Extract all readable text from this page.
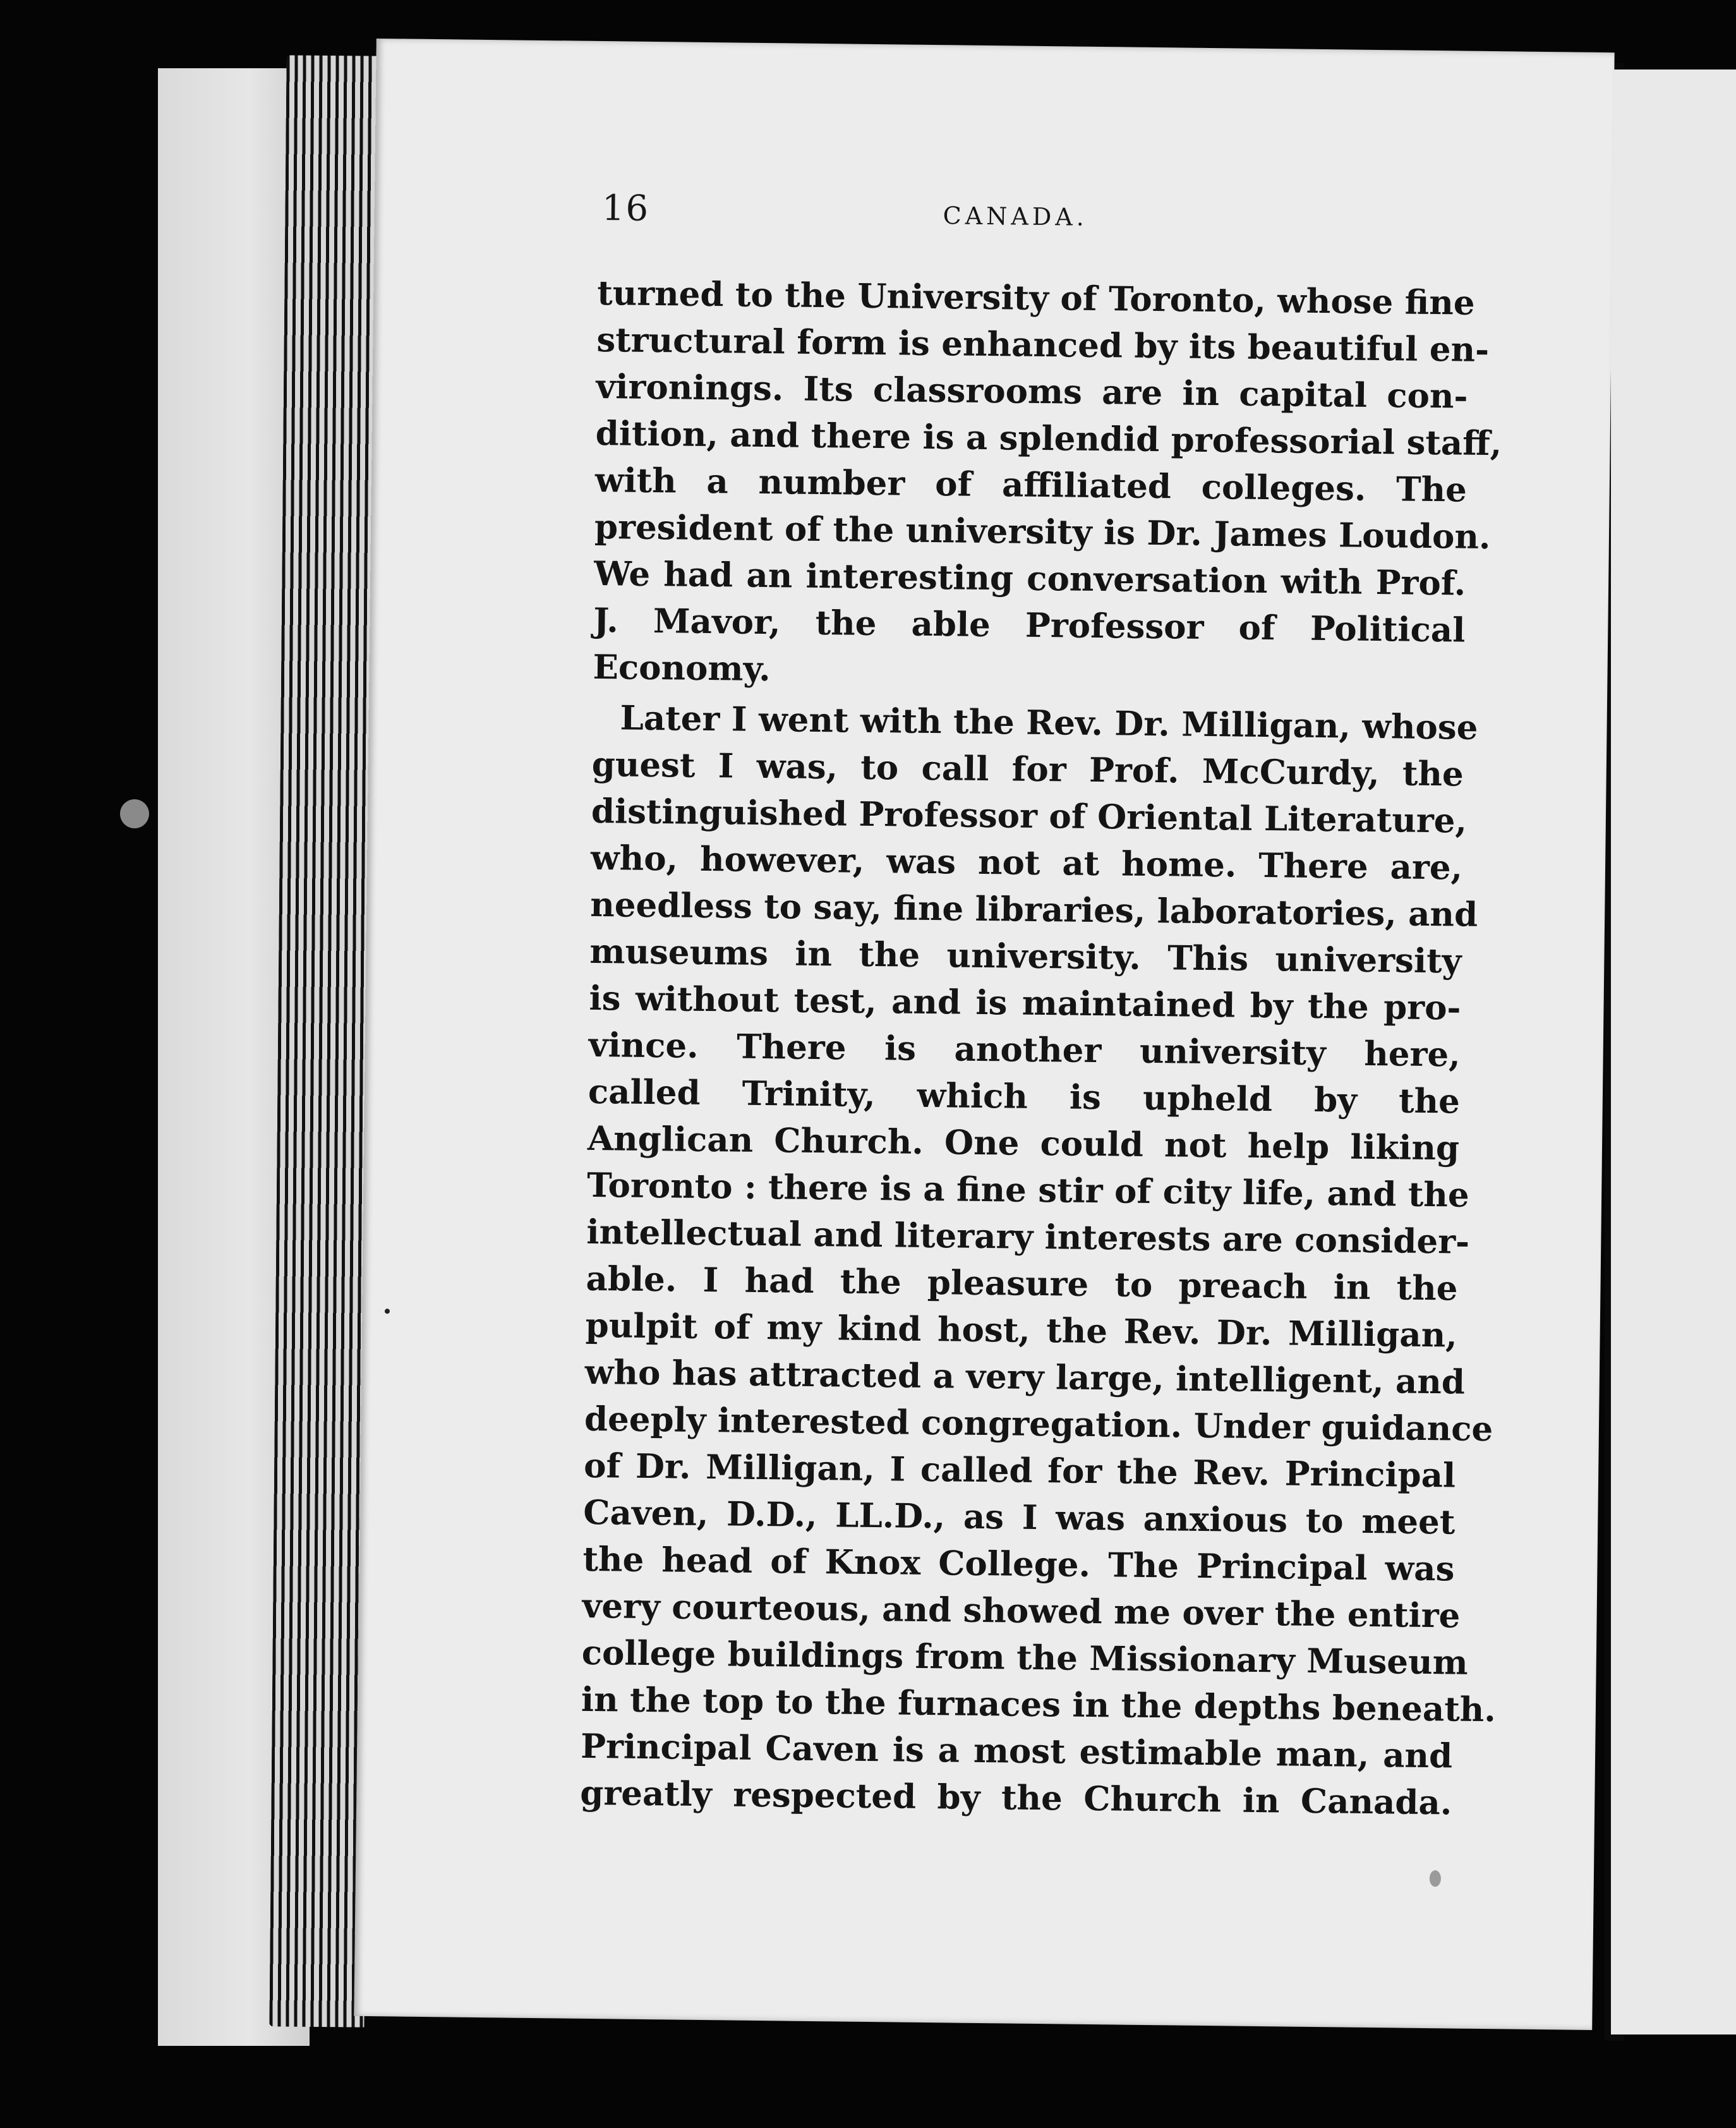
16	CANADA.
turned to the University of Toronto, whose fine
structural form is enhanced by its beautiful en-
vironings. Its classrooms are in capital con-
dition, and there is a splendid professorial staff,
with a number of affiliated colleges. The
president of the university is Dr. James Loudon.
We had an interesting conversation with Prof.
J. Mavor, the able Professor of Political
Economy.
Later I went with the Rev. Dr. Milligan, whose
guest I was, to call for Prof. McCurdy, the
distinguished Professor of Oriental Literature,
who, however, was not at home. There are,
needless to say, fine libraries, laboratories, and
museums in the university. This university
is without test, and is maintained by the pro-
vince. There is another university here,
called Trinity, which is upheld by the
Anglican Church. One could not help liking
Toronto : there is a fine stir of city life, and the
intellectual and literary interests are consider-
able. I had the pleasure to preach in the
pulpit of my kind host, the Rev. Dr. Milligan,
who has attracted a very large, intelligent, and
deeply interested congregation. Under guidance
of Dr. Milligan, I called for the Rev. Principal
Caven, D.D., LL.D., as I was anxious to meet
the head of Knox College. The Principal was
very courteous, and showed me over the entire
college buildings from the Missionary Museum
in the top to the furnaces in the depths beneath.
Principal Caven is a most estimable man, and
greatly respected by the Church in Canada.
